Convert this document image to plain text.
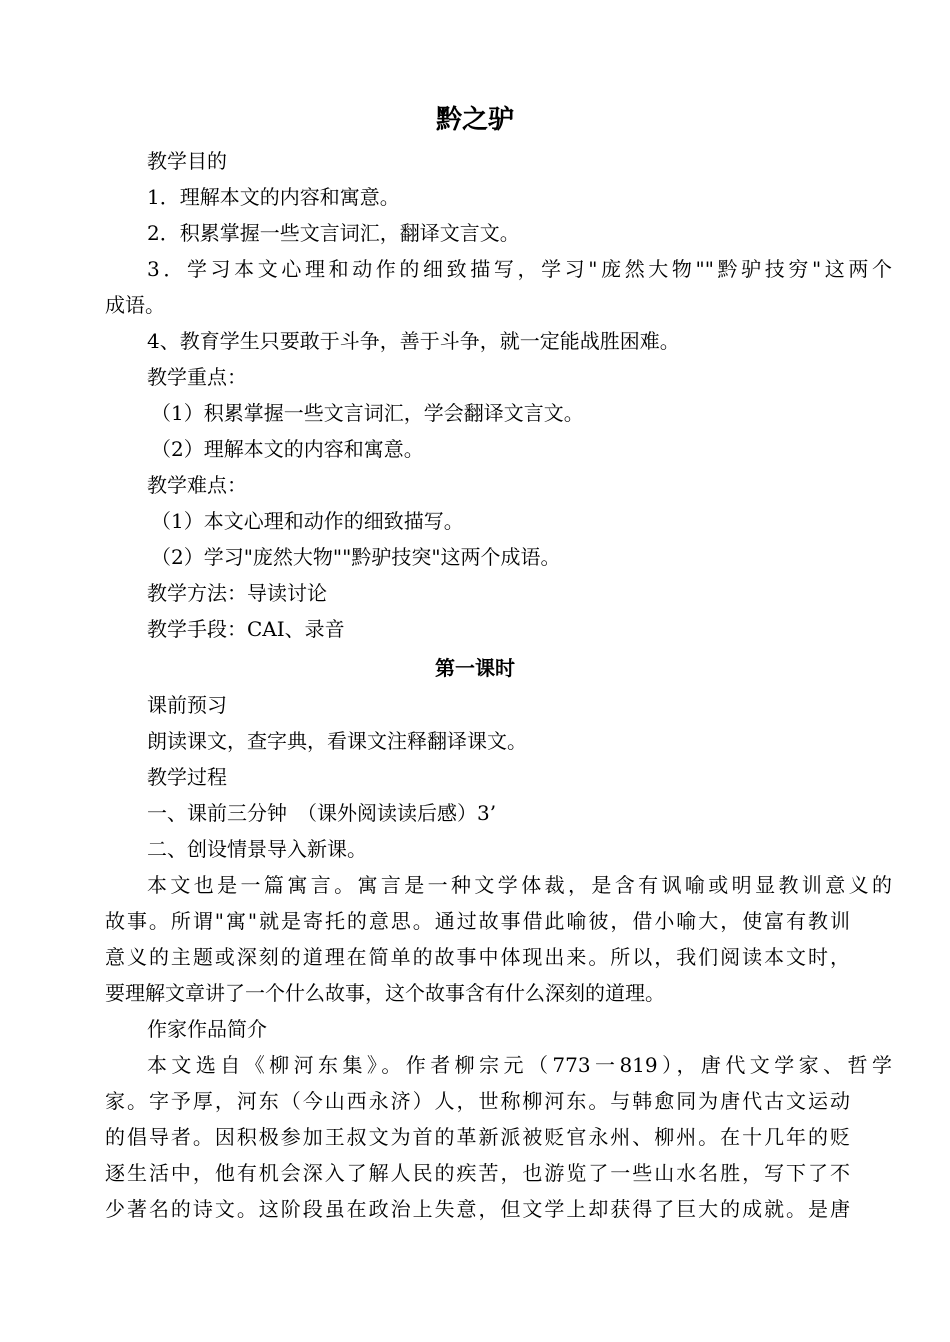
黔之驴
教学目的
1．理解本文的内容和寓意。
2．积累掌握一些文言词汇，翻译文言文。
3．学习本文心理和动作的细致描写，学习"庞然大物""黔驴技穷"这两个
成语。
4、教育学生只要敢于斗争，善于斗争，就一定能战胜困难。
教学重点：
（1）积累掌握一些文言词汇，学会翻译文言文。
（2）理解本文的内容和寓意。
教学难点：
（1）本文心理和动作的细致描写。
（2）学习"庞然大物""黔驴技突"这两个成语。
教学方法：导读讨论
教学手段：CAI、录音
第一课时
课前预习
朗读课文，查字典，看课文注释翻译课文。
教学过程
一、课前三分钟　（课外阅读读后感）3’
二、创设情景导入新课。
本文也是一篇寓言。寓言是一种文学体裁，是含有讽喻或明显教训意义的
故事。所谓"寓"就是寄托的意思。通过故事借此喻彼，借小喻大，使富有教训
意义的主题或深刻的道理在简单的故事中体现出来。所以，我们阅读本文时，
要理解文章讲了一个什么故事，这个故事含有什么深刻的道理。
作家作品简介
本文选自《柳河东集》。作者柳宗元（773一819），唐代文学家、哲学
家。字予厚，河东（今山西永济）人，世称柳河东。与韩愈同为唐代古文运动
的倡导者。因积极参加王叔文为首的革新派被贬官永州、柳州。在十几年的贬
逐生活中，他有机会深入了解人民的疾苦，也游览了一些山水名胜，写下了不
少著名的诗文。这阶段虽在政治上失意，但文学上却获得了巨大的成就。是唐
